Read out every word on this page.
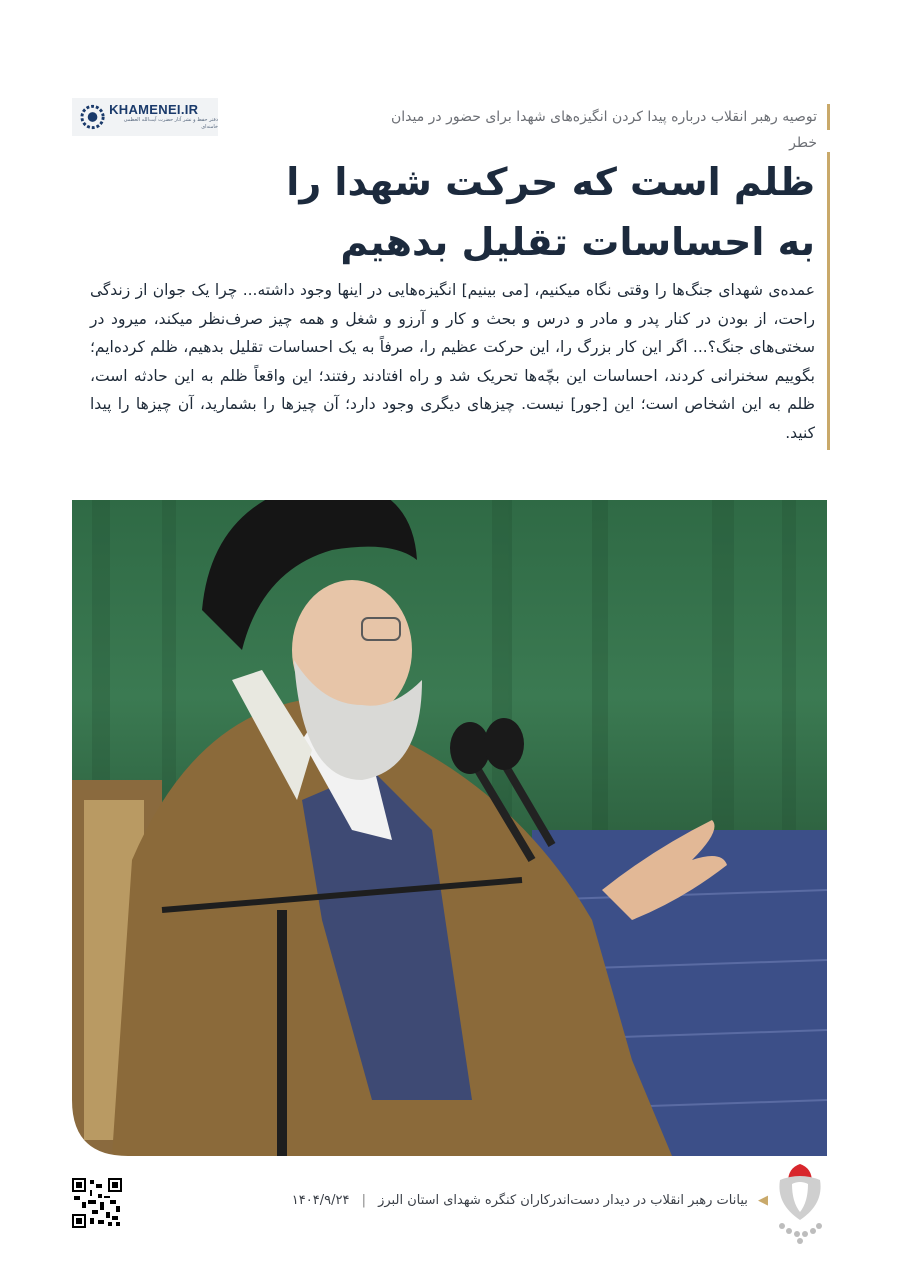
KHAMENEI.IR
دفتر حفظ و نشر آثار حضرت آیت‌الله العظمی خامنه‌ای
توصیه رهبر انقلاب درباره پیدا کردن انگیزه‌های شهدا برای حضور در میدان خطر
ظلم است که حرکت شهدا را
به احساسات تقلیل بدهیم

عمده‌ی شهدای جنگ‌ها را وقتی نگاه میکنیم، [می بینیم] انگیزه‌هایی در اینها وجود داشته... چرا یک جوان از زندگی راحت، از بودن در کنار پدر و مادر و درس و بحث و کار و آرزو و شغل و همه چیز صرف‌نظر میکند، میرود در سختی‌های جنگ؟... اگر این کار بزرگ را، این حرکت عظیم را، صرفاً به یک احساسات تقلیل بدهیم، ظلم کرده‌ایم؛ بگوییم سخنرانی کردند، احساسات این بچّه‌ها تحریک شد و راه افتادند رفتند؛ این واقعاً ظلم به این حادثه است، ظلم به این اشخاص است؛ این [جور] نیست. چیزهای دیگری وجود دارد؛ آن چیزها را بشمارید، آن چیزها را پیدا کنید.

◀ بیانات رهبر انقلاب در دیدار دست‌اندرکاران کنگره شهدای استان البرز | ۱۴۰۴/۹/۲۴
